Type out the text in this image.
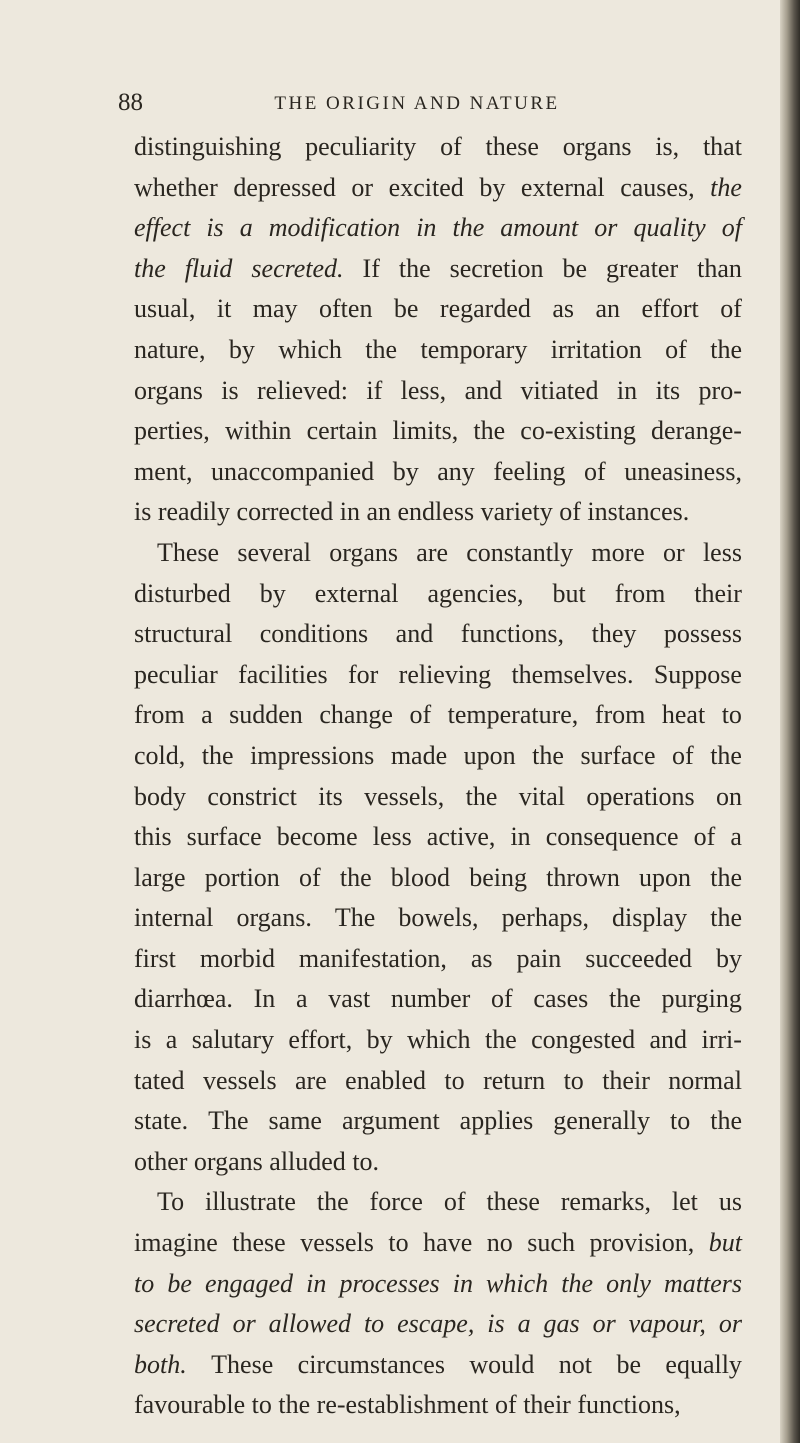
88	THE ORIGIN AND NATURE
distinguishing peculiarity of these organs is, that
whether depressed or excited by external causes, the
effect is a modification in the amount or quality of
the fluid secreted. If the secretion be greater than
usual, it may often be regarded as an effort of
nature, by which the temporary irritation of the
organs is relieved: if less, and vitiated in its pro-
perties, within certain limits, the co-existing derange-
ment, unaccompanied by any feeling of uneasiness,
is readily corrected in an endless variety of instances.
These several organs are constantly more or less
disturbed by external agencies, but from their
structural conditions and functions, they possess
peculiar facilities for relieving themselves. Suppose
from a sudden change of temperature, from heat to
cold, the impressions made upon the surface of the
body constrict its vessels, the vital operations on
this surface become less active, in consequence of a
large portion of the blood being thrown upon the
internal organs. The bowels, perhaps, display the
first morbid manifestation, as pain succeeded by
diarrhœa. In a vast number of cases the purging
is a salutary effort, by which the congested and irri-
tated vessels are enabled to return to their normal
state. The same argument applies generally to the
other organs alluded to.
To illustrate the force of these remarks, let us
imagine these vessels to have no such provision, but
to be engaged in processes in which the only matters
secreted or allowed to escape, is a gas or vapour, or
both. These circumstances would not be equally
favourable to the re-establishment of their functions,
